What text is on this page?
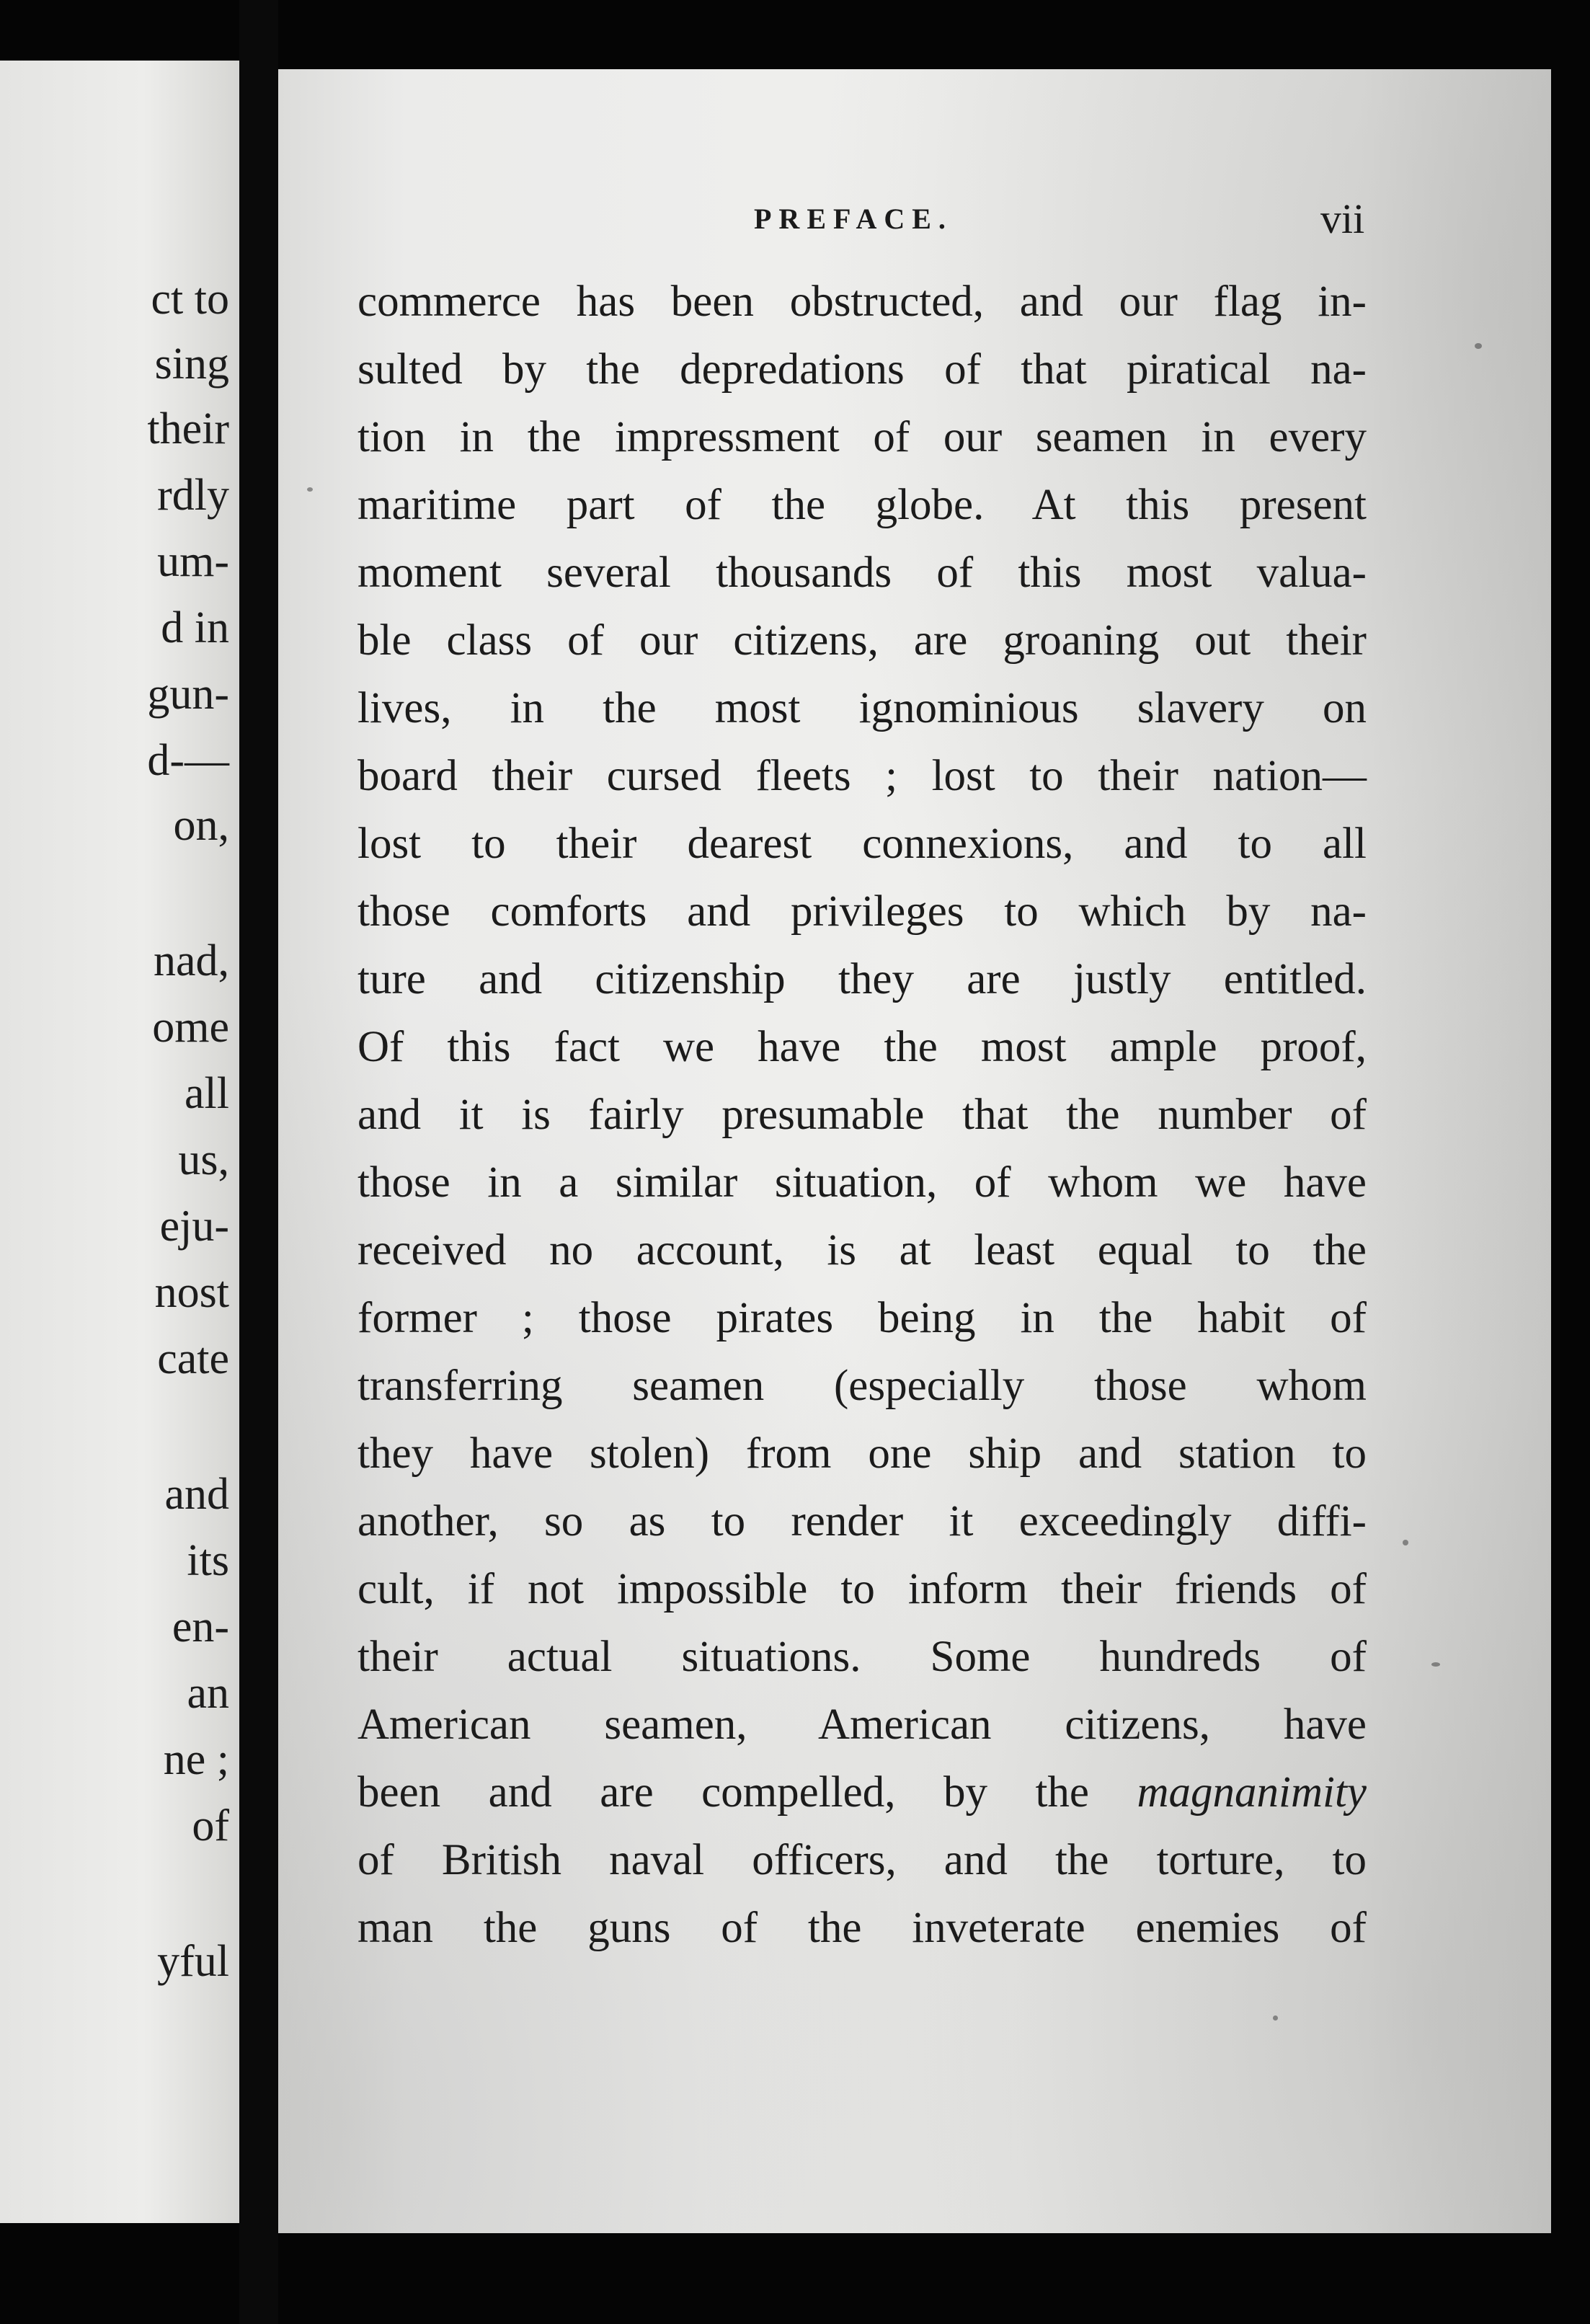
ct to
sing
their
rdly
um-
d in
gun-
d-—
on,
nad,
ome
all
us,
eju-
nost
cate
and
its
en-
an
ne ;
of
yful
PREFACE.	vii
commerce has been obstructed, and our flag in-
sulted by the depredations of that piratical na-
tion in the impressment of our seamen in every
maritime part of the globe. At this present
moment several thousands of this most valua-
ble class of our citizens, are groaning out their
lives, in the most ignominious slavery on
board their cursed fleets ; lost to their nation—
lost to their dearest connexions, and to all
those comforts and privileges to which by na-
ture and citizenship they are justly entitled.
Of this fact we have the most ample proof,
and it is fairly presumable that the number of
those in a similar situation, of whom we have
received no account, is at least equal to the
former ; those pirates being in the habit of
transferring seamen (especially those whom
they have stolen) from one ship and station to
another, so as to render it exceedingly diffi-
cult, if not impossible to inform their friends of
their actual situations. Some hundreds of
American seamen, American citizens, have
been and are compelled, by the magnanimity
of British naval officers, and the torture, to
man the guns of the inveterate enemies of
